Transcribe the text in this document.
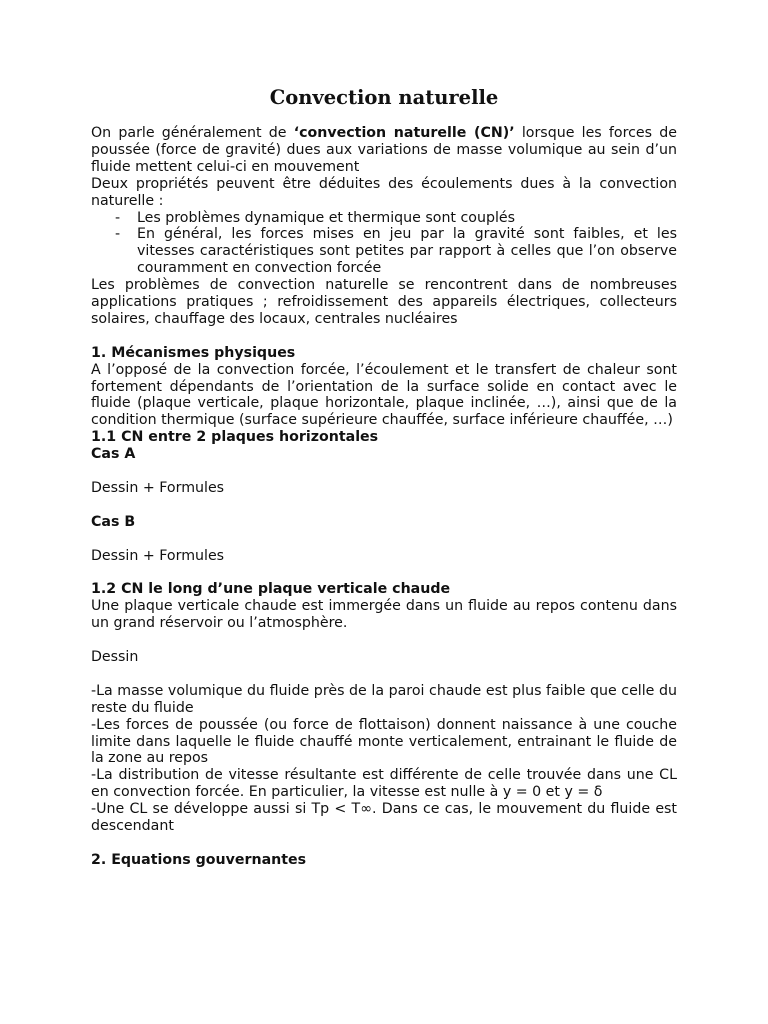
Convection naturelle

On parle généralement de ‘convection naturelle (CN)’ lorsque les forces de poussée (force de gravité) dues aux variations de masse volumique au sein d’un fluide mettent celui-ci en mouvement

Deux propriétés peuvent être déduites des écoulements dues à la convection naturelle :

- Les problèmes dynamique et thermique sont couplés
- En général, les forces mises en jeu par la gravité sont faibles, et les vitesses caractéristiques sont petites par rapport à celles que l’on observe couramment en convection forcée

Les problèmes de convection naturelle se rencontrent dans de nombreuses applications pratiques ; refroidissement des appareils électriques, collecteurs solaires, chauffage des locaux, centrales nucléaires

1. Mécanismes physiques

A l’opposé de la convection forcée, l’écoulement et le transfert de chaleur sont fortement dépendants de l’orientation de la surface solide en contact avec le fluide (plaque verticale, plaque horizontale, plaque inclinée, …), ainsi que de la condition thermique (surface supérieure chauffée, surface inférieure chauffée, …)

1.1 CN entre 2 plaques horizontales
Cas A

Dessin + Formules

Cas B

Dessin + Formules

1.2 CN le long d’une plaque verticale chaude

Une plaque verticale chaude est immergée dans un fluide au repos contenu dans un grand réservoir ou l’atmosphère.

Dessin

-La masse volumique du fluide près de la paroi chaude est plus faible que celle du reste du fluide

-Les forces de poussée (ou force de flottaison) donnent naissance à une couche limite dans laquelle le fluide chauffé monte verticalement, entrainant le fluide de la zone au repos

-La distribution de vitesse résultante est différente de celle trouvée dans une CL en convection forcée. En particulier, la vitesse est nulle à y = 0 et y = δ

-Une CL se développe aussi si Tp < T∞. Dans ce cas, le mouvement du fluide est descendant

2. Equations gouvernantes
